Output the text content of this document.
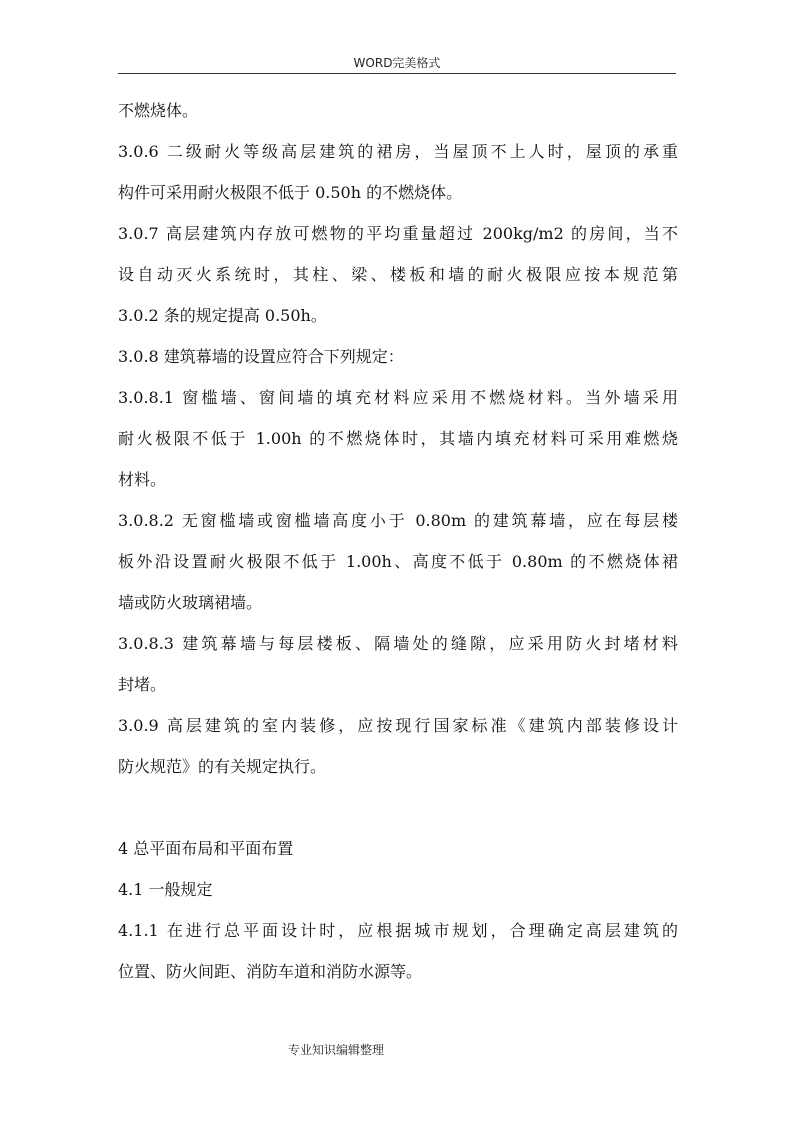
WORD完美格式
不燃烧体。
3.0.6 二级耐火等级高层建筑的裙房，当屋顶不上人时，屋顶的承重
构件可采用耐火极限不低于 0.50h 的不燃烧体。
3.0.7 高层建筑内存放可燃物的平均重量超过 200kg/m2 的房间，当不
设自动灭火系统时，其柱、梁、楼板和墙的耐火极限应按本规范第
3.0.2 条的规定提高 0.50h。
3.0.8 建筑幕墙的设置应符合下列规定：
3.0.8.1 窗槛墙、窗间墙的填充材料应采用不燃烧材料。当外墙采用
耐火极限不低于 1.00h 的不燃烧体时，其墙内填充材料可采用难燃烧
材料。
3.0.8.2 无窗槛墙或窗槛墙高度小于 0.80m 的建筑幕墙，应在每层楼
板外沿设置耐火极限不低于 1.00h、高度不低于 0.80m 的不燃烧体裙
墙或防火玻璃裙墙。
3.0.8.3 建筑幕墙与每层楼板、隔墙处的缝隙，应采用防火封堵材料
封堵。
3.0.9 高层建筑的室内装修，应按现行国家标准《建筑内部装修设计
防火规范》的有关规定执行。
4 总平面布局和平面布置
4.1 一般规定
4.1.1 在进行总平面设计时，应根据城市规划，合理确定高层建筑的
位置、防火间距、消防车道和消防水源等。
专业知识编辑整理
